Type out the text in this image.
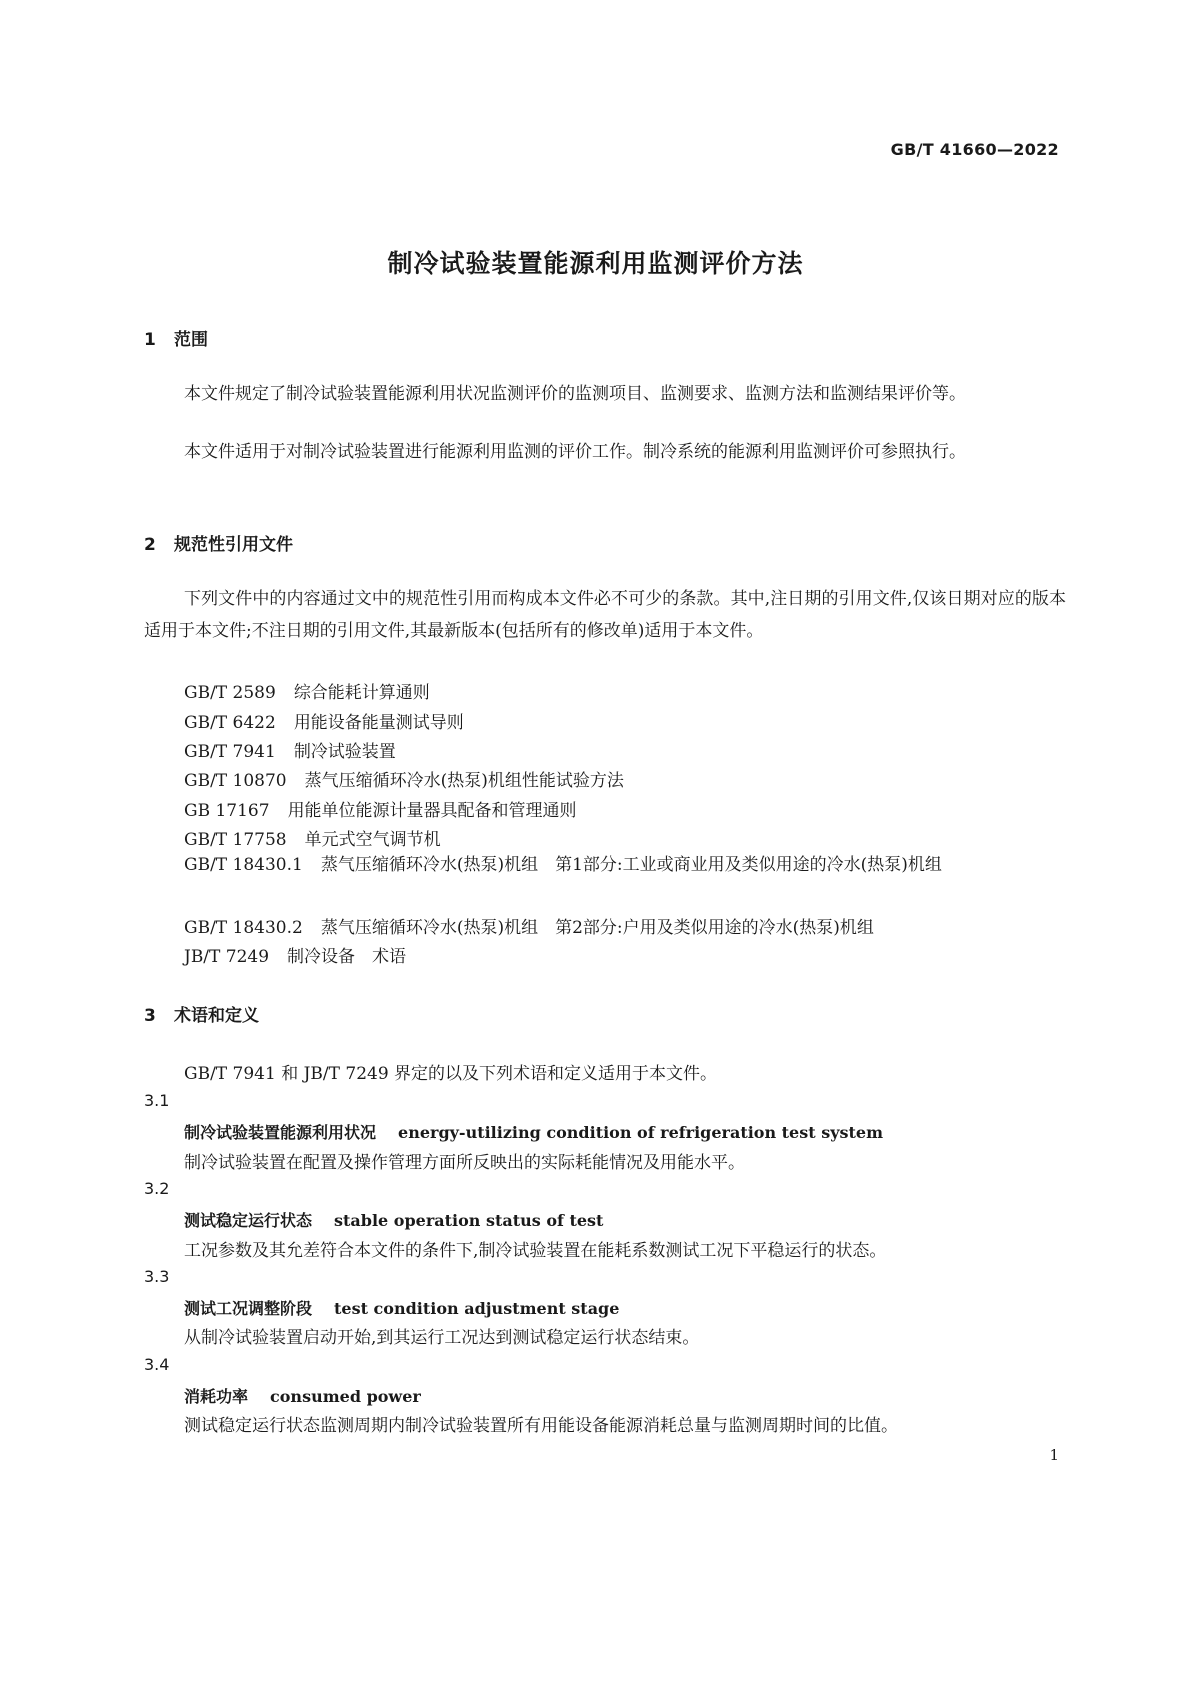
GB/T 41660—2022
制冷试验装置能源利用监测评价方法
1 范围
本文件规定了制冷试验装置能源利用状况监测评价的监测项目、监测要求、监测方法和监测结果评价等。
本文件适用于对制冷试验装置进行能源利用监测的评价工作。制冷系统的能源利用监测评价可参照执行。
2 规范性引用文件
下列文件中的内容通过文中的规范性引用而构成本文件必不可少的条款。其中,注日期的引用文件,仅该日期对应的版本适用于本文件;不注日期的引用文件,其最新版本(包括所有的修改单)适用于本文件。
GB/T 2589 综合能耗计算通则
GB/T 6422 用能设备能量测试导则
GB/T 7941 制冷试验装置
GB/T 10870 蒸气压缩循环冷水(热泵)机组性能试验方法
GB 17167 用能单位能源计量器具配备和管理通则
GB/T 17758 单元式空气调节机
GB/T 18430.1 蒸气压缩循环冷水(热泵)机组　第1部分:工业或商业用及类似用途的冷水(热泵)机组
GB/T 18430.2 蒸气压缩循环冷水(热泵)机组　第2部分:户用及类似用途的冷水(热泵)机组
JB/T 7249 制冷设备　术语
3 术语和定义
GB/T 7941 和 JB/T 7249 界定的以及下列术语和定义适用于本文件。
3.1
制冷试验装置能源利用状况 energy-utilizing condition of refrigeration test system
制冷试验装置在配置及操作管理方面所反映出的实际耗能情况及用能水平。
3.2
测试稳定运行状态 stable operation status of test
工况参数及其允差符合本文件的条件下,制冷试验装置在能耗系数测试工况下平稳运行的状态。
3.3
测试工况调整阶段 test condition adjustment stage
从制冷试验装置启动开始,到其运行工况达到测试稳定运行状态结束。
3.4
消耗功率 consumed power
测试稳定运行状态监测周期内制冷试验装置所有用能设备能源消耗总量与监测周期时间的比值。
1
